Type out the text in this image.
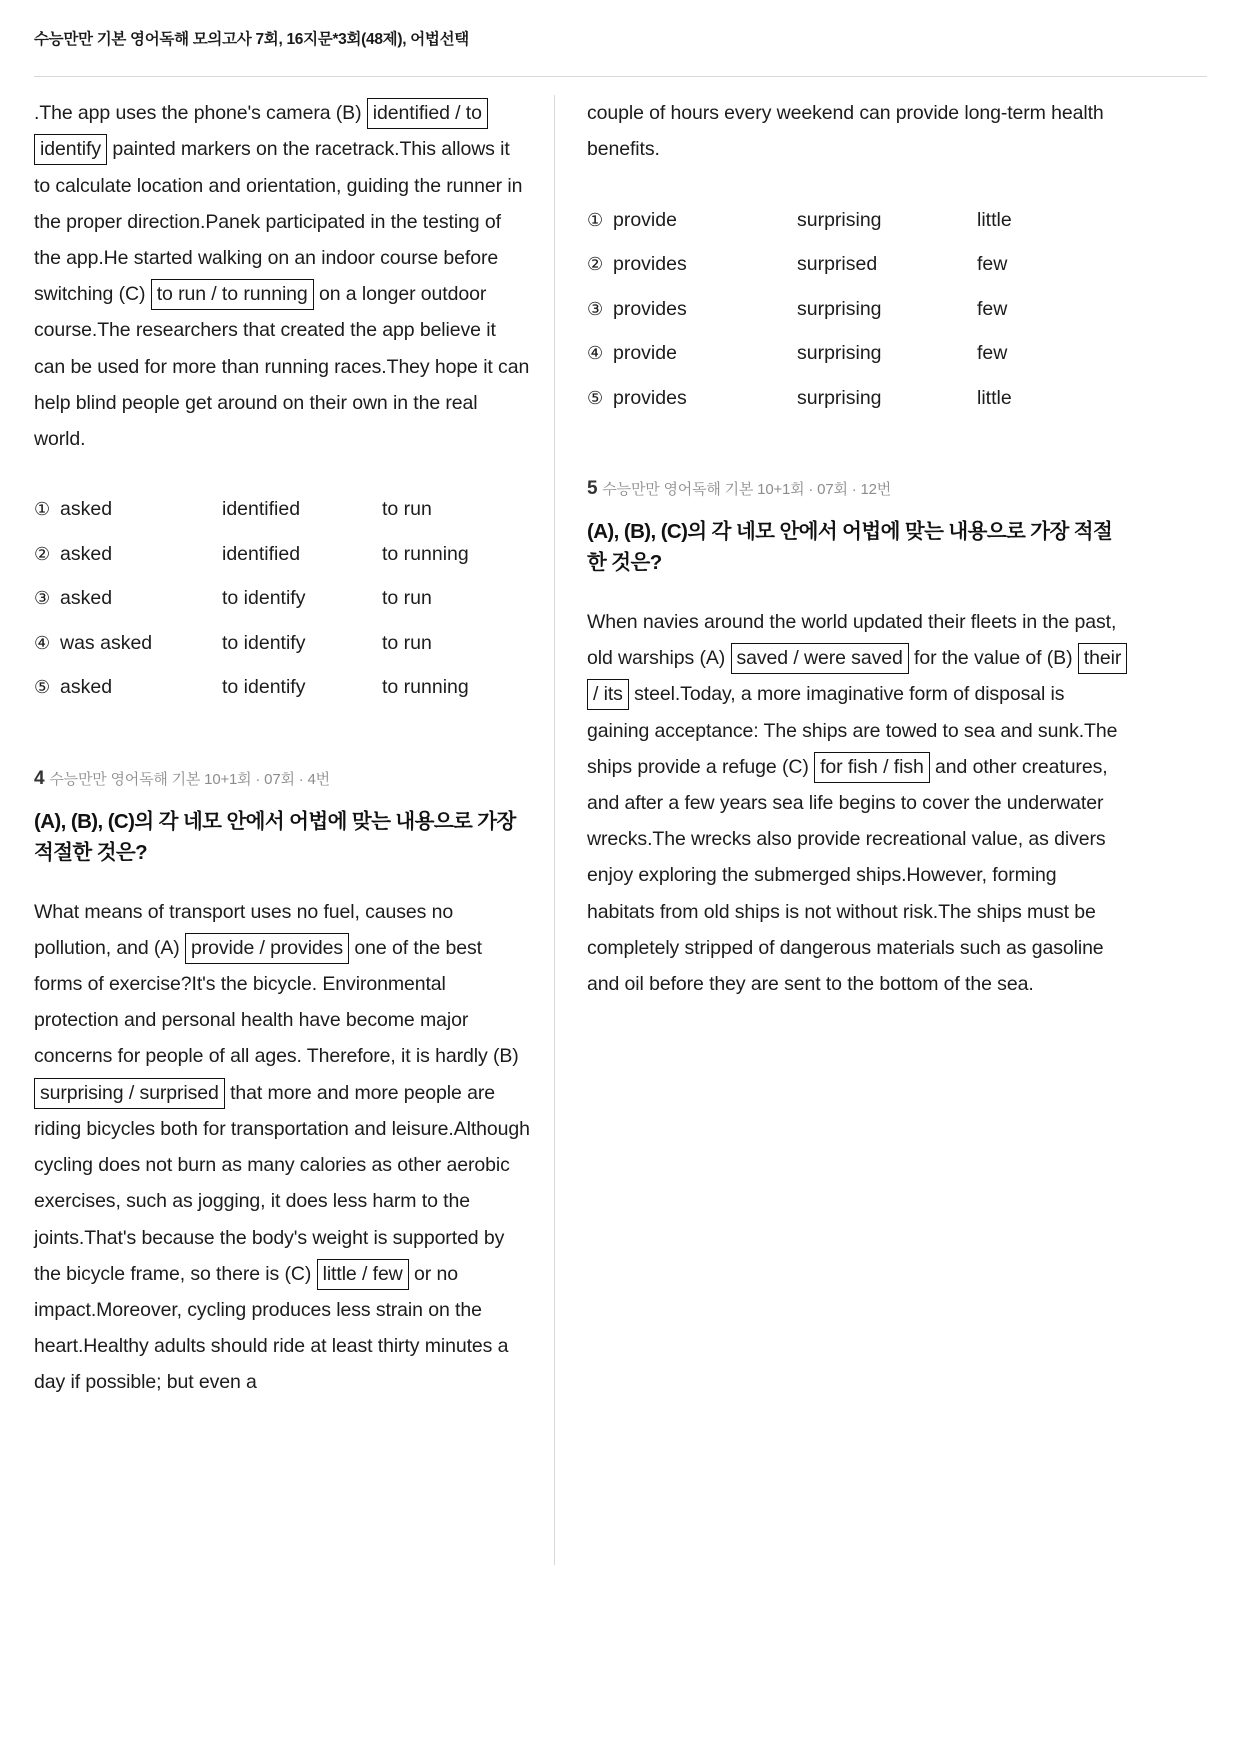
수능만만 기본 영어독해 모의고사 7회, 16지문*3회(48제), 어법선택
.The app uses the phone's camera (B) identified / to identify painted markers on the racetrack.This allows it to calculate location and orientation, guiding the runner in the proper direction.Panek participated in the testing of the app.He started walking on an indoor course before switching (C) to run / to running on a longer outdoor course.The researchers that created the app believe it can be used for more than running races.They hope it can help blind people get around on their own in the real world.
① asked	identified	to run
② asked	identified	to running
③ asked	to identify	to run
④ was asked	to identify	to run
⑤ asked	to identify	to running
4 수능만만 영어독해 기본 10+1회 · 07회 · 4번
(A), (B), (C)의 각 네모 안에서 어법에 맞는 내용으로 가장 적절한 것은?
What means of transport uses no fuel, causes no pollution, and (A) provide / provides one of the best forms of exercise?It's the bicycle. Environmental protection and personal health have become major concerns for people of all ages. Therefore, it is hardly (B) surprising / surprised that more and more people are riding bicycles both for transportation and leisure.Although cycling does not burn as many calories as other aerobic exercises, such as jogging, it does less harm to the joints.That's because the body's weight is supported by the bicycle frame, so there is (C) little / few or no impact.Moreover, cycling produces less strain on the heart.Healthy adults should ride at least thirty minutes a day if possible; but even a
couple of hours every weekend can provide long-term health benefits.
① provide	surprising	little
② provides	surprised	few
③ provides	surprising	few
④ provide	surprising	few
⑤ provides	surprising	little
5 수능만만 영어독해 기본 10+1회 · 07회 · 12번
(A), (B), (C)의 각 네모 안에서 어법에 맞는 내용으로 가장 적절한 것은?
When navies around the world updated their fleets in the past, old warships (A) saved / were saved for the value of (B) their / its steel.Today, a more imaginative form of disposal is gaining acceptance: The ships are towed to sea and sunk.The ships provide a refuge (C) for fish / fish and other creatures, and after a few years sea life begins to cover the underwater wrecks.The wrecks also provide recreational value, as divers enjoy exploring the submerged ships.However, forming habitats from old ships is not without risk.The ships must be completely stripped of dangerous materials such as gasoline and oil before they are sent to the bottom of the sea.
